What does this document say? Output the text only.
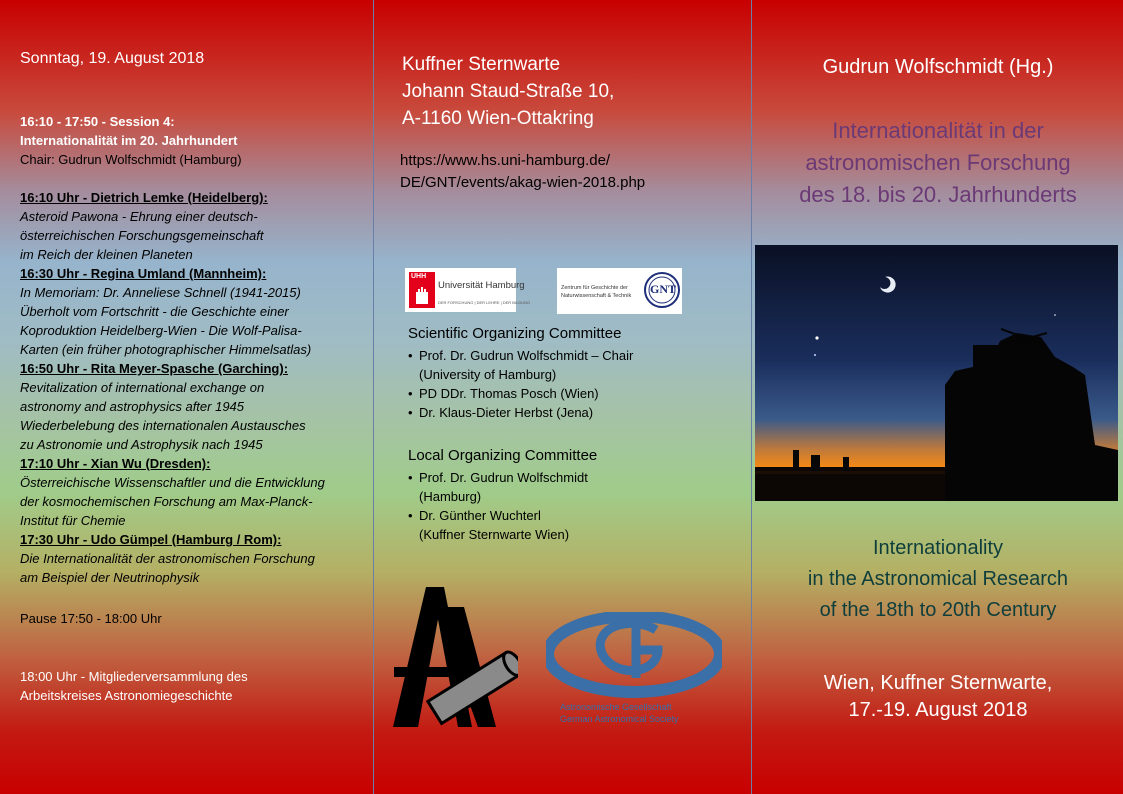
Sonntag, 19. August 2018
16:10 - 17:50 - Session 4:
Internationalität im 20. Jahrhundert
Chair: Gudrun Wolfschmidt (Hamburg)
16:10 Uhr - Dietrich Lemke (Heidelberg):
Asteroid Pawona - Ehrung einer deutsch-
österreichischen Forschungsgemeinschaft
im Reich der kleinen Planeten
16:30 Uhr - Regina Umland (Mannheim):
In Memoriam: Dr. Anneliese Schnell (1941-2015)
Überholt vom Fortschritt - die Geschichte einer
Koproduktion Heidelberg-Wien - Die Wolf-Palisa-
Karten (ein früher photographischer Himmelsatlas)
16:50 Uhr - Rita Meyer-Spasche (Garching):
Revitalization of international exchange on
astronomy and astrophysics after 1945
Wiederbelebung des internationalen Austausches
zu Astronomie und Astrophysik nach 1945
17:10 Uhr - Xian Wu (Dresden):
Österreichische Wissenschaftler und die Entwicklung
der kosmochemischen Forschung am Max-Planck-
Institut für Chemie
17:30 Uhr - Udo Gümpel (Hamburg / Rom):
Die Internationalität der astronomischen Forschung
am Beispiel der Neutrinophysik
Pause 17:50 - 18:00 Uhr
18:00 Uhr - Mitgliederversammlung des
Arbeitskreises Astronomiegeschichte
Kuffner Sternwarte
Johann Staud-Straße 10,
A-1160 Wien-Ottakring
https://www.hs.uni-hamburg.de/
DE/GNT/events/akag-wien-2018.php
UHH
Universität Hamburg
DER FORSCHUNG | DER LEHRE | DER BILDUNG
Zentrum für Geschichte der
Naturwissenschaft & Technik GNT
Scientific Organizing Committee
• Prof. Dr. Gudrun Wolfschmidt – Chair
(University of Hamburg)
• PD DDr. Thomas Posch (Wien)
• Dr. Klaus-Dieter Herbst (Jena)
Local Organizing Committee
• Prof. Dr. Gudrun Wolfschmidt
(Hamburg)
• Dr. Günther Wuchterl
(Kuffner Sternwarte Wien)
Astronomische Gesellschaft
German Astronomical Society
Gudrun Wolfschmidt (Hg.)
Internationalität in der
astronomischen Forschung
des 18. bis 20. Jahrhunderts
Internationality
in the Astronomical Research
of the 18th to 20th Century
Wien, Kuffner Sternwarte,
17.-19. August 2018
